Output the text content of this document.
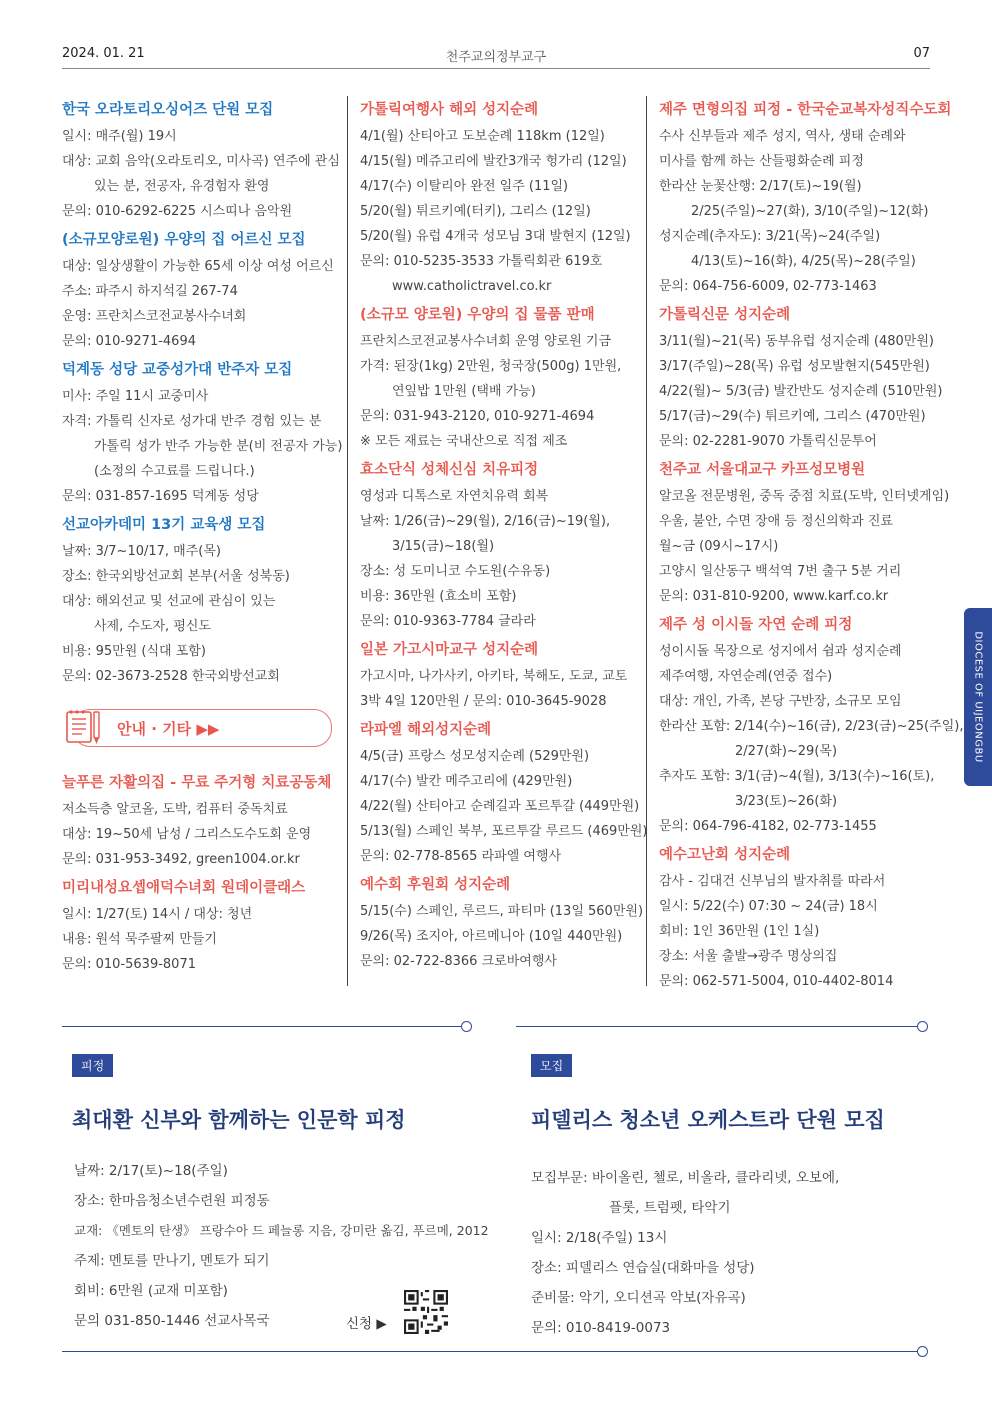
2024. 01. 21	천주교의정부교구	07
한국 오라토리오싱어즈 단원 모집
일시: 매주(월) 19시
대상: 교회 음악(오라토리오, 미사곡) 연주에 관심
있는 분, 전공자, 유경험자 환영
문의: 010-6292-6225 시스띠나 음악원
(소규모양로원) 우양의 집 어르신 모집
대상: 일상생활이 가능한 65세 이상 여성 어르신
주소: 파주시 하지석길 267-74
운영: 프란치스코전교봉사수녀회
문의: 010-9271-4694
덕계동 성당 교중성가대 반주자 모집
미사: 주일 11시 교중미사
자격: 가톨릭 신자로 성가대 반주 경험 있는 분
가톨릭 성가 반주 가능한 분(비 전공자 가능)
(소정의 수고료를 드립니다.)
문의: 031-857-1695 덕계동 성당
선교아카데미 13기 교육생 모집
날짜: 3/7~10/17, 매주(목)
장소: 한국외방선교회 본부(서울 성북동)
대상: 해외선교 및 선교에 관심이 있는
사제, 수도자, 평신도
비용: 95만원 (식대 포함)
문의: 02-3673-2528 한국외방선교회
안내 · 기타 ▶▶
늘푸른 자활의집 - 무료 주거형 치료공동체
저소득층 알코올, 도박, 컴퓨터 중독치료
대상: 19~50세 남성 / 그리스도수도회 운영
문의: 031-953-3492, green1004.or.kr
미리내성요셉애덕수녀회 원데이클래스
일시: 1/27(토) 14시 / 대상: 청년
내용: 원석 묵주팔찌 만들기
문의: 010-5639-8071
가톨릭여행사 해외 성지순례
4/1(월) 산티아고 도보순례 118km (12일)
4/15(월) 메쥬고리에 발칸3개국 헝가리 (12일)
4/17(수) 이탈리아 완전 일주 (11일)
5/20(월) 튀르키예(터키), 그리스 (12일)
5/20(월) 유럽 4개국 성모님 3대 발현지 (12일)
문의: 010-5235-3533 가톨릭회관 619호
www.catholictravel.co.kr
(소규모 양로원) 우양의 집 물품 판매
프란치스코전교봉사수녀회 운영 양로원 기금
가격: 된장(1kg) 2만원, 청국장(500g) 1만원,
연잎밥 1만원 (택배 가능)
문의: 031-943-2120, 010-9271-4694
※ 모든 재료는 국내산으로 직접 제조
효소단식 성체신심 치유피정
영성과 디톡스로 자연치유력 회복
날짜: 1/26(금)~29(월), 2/16(금)~19(월),
3/15(금)~18(월)
장소: 성 도미니코 수도원(수유동)
비용: 36만원 (효소비 포함)
문의: 010-9363-7784 글라라
일본 가고시마교구 성지순례
가고시마, 나가사키, 아키타, 북해도, 도쿄, 교토
3박 4일 120만원 / 문의: 010-3645-9028
라파엘 해외성지순례
4/5(금) 프랑스 성모성지순례 (529만원)
4/17(수) 발칸 메주고리에 (429만원)
4/22(월) 산티아고 순례길과 포르투갈 (449만원)
5/13(월) 스페인 북부, 포르투갈 루르드 (469만원)
문의: 02-778-8565 라파엘 여행사
예수회 후원회 성지순례
5/15(수) 스페인, 루르드, 파티마 (13일 560만원)
9/26(목) 조지아, 아르메니아 (10일 440만원)
문의: 02-722-8366 크로바여행사
제주 면형의집 피정 - 한국순교복자성직수도회
수사 신부들과 제주 성지, 역사, 생태 순례와
미사를 함께 하는 산들평화순례 피정
한라산 눈꽃산행: 2/17(토)~19(월)
2/25(주일)~27(화), 3/10(주일)~12(화)
성지순례(추자도): 3/21(목)~24(주일)
4/13(토)~16(화), 4/25(목)~28(주일)
문의: 064-756-6009, 02-773-1463
가톨릭신문 성지순례
3/11(월)~21(목) 동부유럽 성지순례 (480만원)
3/17(주일)~28(목) 유럽 성모발현지(545만원)
4/22(월)~ 5/3(금) 발칸반도 성지순례 (510만원)
5/17(금)~29(수) 튀르키예, 그리스 (470만원)
문의: 02-2281-9070 가톨릭신문투어
천주교 서울대교구 카프성모병원
알코올 전문병원, 중독 중점 치료(도박, 인터넷게임)
우울, 불안, 수면 장애 등 정신의학과 진료
월~금 (09시~17시)
고양시 일산동구 백석역 7번 출구 5분 거리
문의: 031-810-9200, www.karf.co.kr
제주 성 이시돌 자연 순례 피정
성이시돌 목장으로 성지에서 쉼과 성지순례
제주여행, 자연순례(연중 접수)
대상: 개인, 가족, 본당 구반장, 소규모 모임
한라산 포함: 2/14(수)~16(금), 2/23(금)~25(주일),
2/27(화)~29(목)
추자도 포함: 3/1(금)~4(월), 3/13(수)~16(토),
3/23(토)~26(화)
문의: 064-796-4182, 02-773-1455
예수고난회 성지순례
감사 - 김대건 신부님의 발자취를 따라서
일시: 5/22(수) 07:30 ~ 24(금) 18시
회비: 1인 36만원 (1인 1실)
장소: 서울 출발→광주 명상의집
문의: 062-571-5004, 010-4402-8014
DIOCESE OF UIJEONGBU
피정
최대환 신부와 함께하는 인문학 피정
날짜: 2/17(토)~18(주일)
장소: 한마음청소년수련원 피정동
교재: 《멘토의 탄생》 프랑수아 드 페늘롱 지음, 강미란 옮김, 푸르메, 2012
주제: 멘토를 만나기, 멘토가 되기
회비: 6만원 (교재 미포함)
문의 031-850-1446 선교사목국	신청 ▶
모집
피델리스 청소년 오케스트라 단원 모집
모집부문: 바이올린, 첼로, 비올라, 클라리넷, 오보에,
플롯, 트럼펫, 타악기
일시: 2/18(주일) 13시
장소: 피델리스 연습실(대화마을 성당)
준비물: 악기, 오디션곡 악보(자유곡)
문의: 010-8419-0073
